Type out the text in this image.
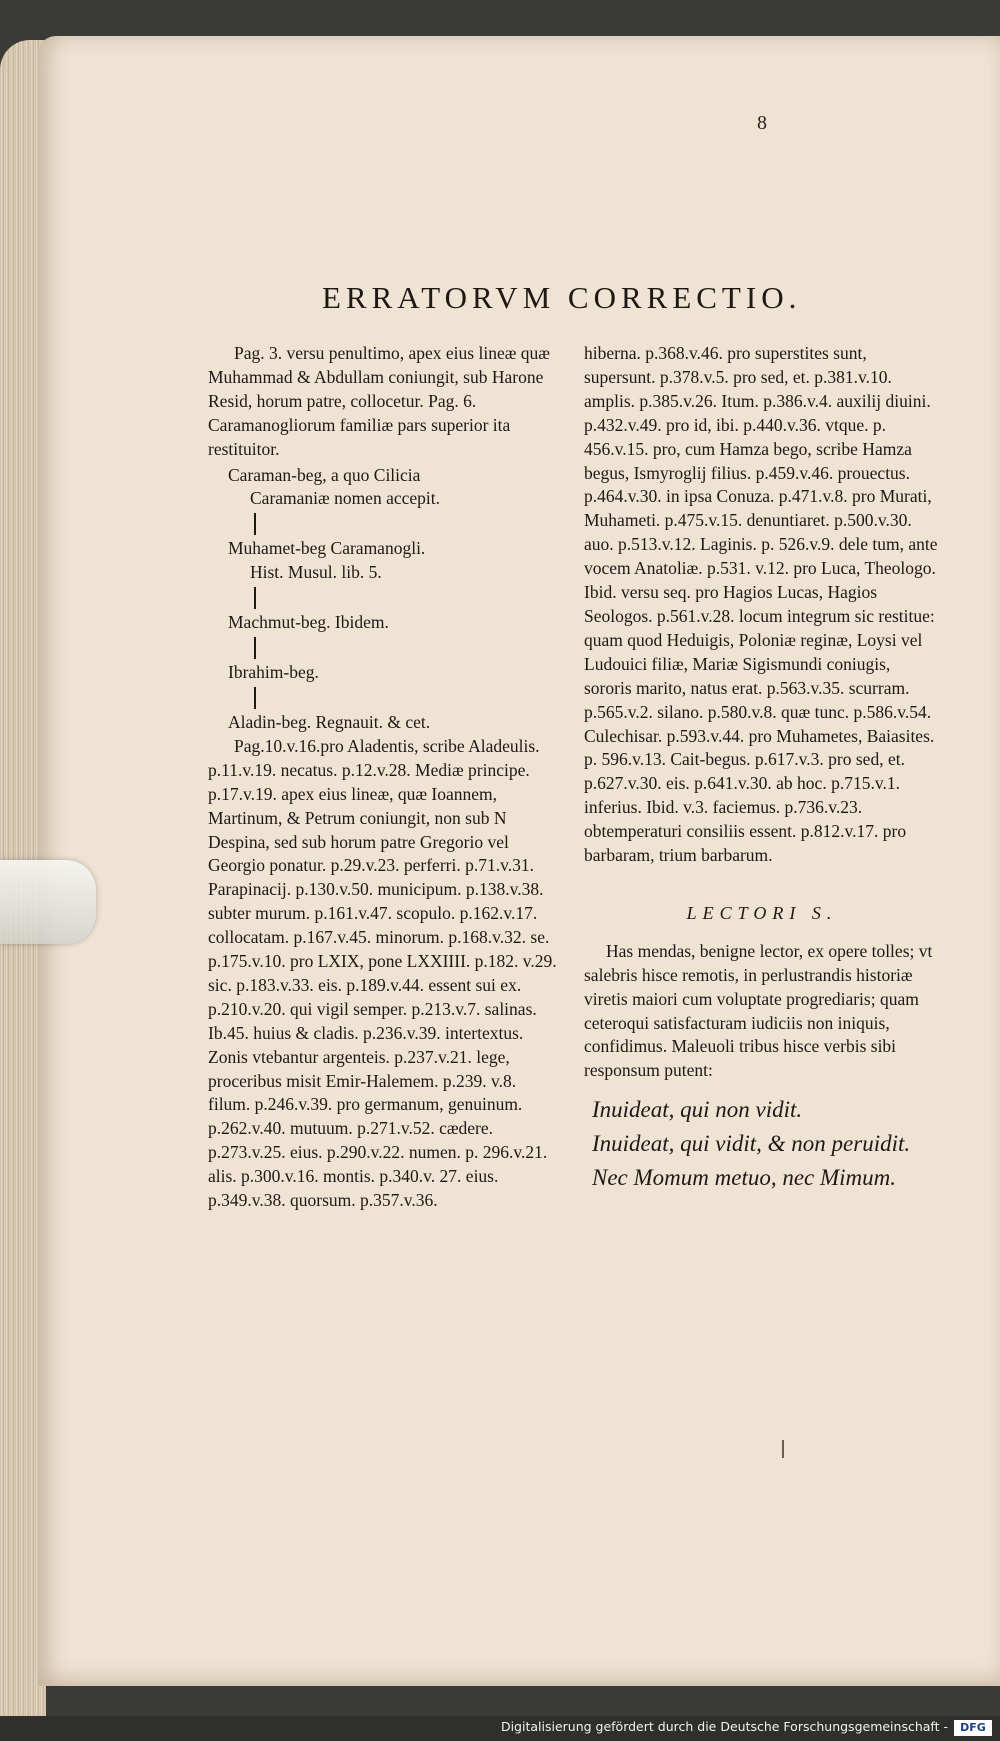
8
ERRATORVM CORRECTIO.

Pag. 3. versu penultimo, apex eius lineæ quæ Muhammad & Abdullam coniungit, sub Harone Resid, horum patre, collocetur. Pag. 6. Caramanogliorum familiæ pars superior ita restituitor.

Caraman-beg, a quo Cilicia
Caramaniæ nomen accepit.
Muhamet-beg Caramanogli.
Hist. Musul. lib. 5.
Machmut-beg. Ibidem.
Ibrahim-beg.
Aladin-beg. Regnauit. & cet.

Pag.10.v.16.pro Aladentis, scribe Aladeulis. p.11.v.19. necatus. p.12.v.28. Mediæ principe. p.17.v.19. apex eius lineæ, quæ Ioannem, Martinum, & Petrum coniungit, non sub N Despina, sed sub horum patre Gregorio vel Georgio ponatur. p.29.v.23. perferri. p.71.v.31. Parapinacij. p.130.v.50. municipum. p.138.v.38. subter murum. p.161.v.47. scopulo. p.162.v.17. collocatam. p.167.v.45. minorum. p.168.v.32. se. p.175.v.10. pro LXIX, pone LXXIIII. p.182. v.29. sic. p.183.v.33. eis. p.189.v.44. essent sui ex. p.210.v.20. qui vigil semper. p.213.v.7. salinas. Ib.45. huius & cladis. p.236.v.39. intertextus. Zonis vtebantur argenteis. p.237.v.21. lege, proceribus misit Emir-Halemem. p.239. v.8. filum. p.246.v.39. pro germanum, genuinum. p.262.v.40. mutuum. p.271.v.52. cædere. p.273.v.25. eius. p.290.v.22. numen. p. 296.v.21. alis. p.300.v.16. montis. p.340.v. 27. eius. p.349.v.38. quorsum. p.357.v.36.

hiberna. p.368.v.46. pro superstites sunt, supersunt. p.378.v.5. pro sed, et. p.381.v.10. amplis. p.385.v.26. Itum. p.386.v.4. auxilij diuini. p.432.v.49. pro id, ibi. p.440.v.36. vtque. p. 456.v.15. pro, cum Hamza bego, scribe Hamza begus, Ismyroglij filius. p.459.v.46. prouectus. p.464.v.30. in ipsa Conuza. p.471.v.8. pro Murati, Muhameti. p.475.v.15. denuntiaret. p.500.v.30. auo. p.513.v.12. Laginis. p. 526.v.9. dele tum, ante vocem Anatoliæ. p.531. v.12. pro Luca, Theologo. Ibid. versu seq. pro Hagios Lucas, Hagios Seologos. p.561.v.28. locum integrum sic restitue: quam quod Heduigis, Poloniæ reginæ, Loysi vel Ludouici filiæ, Mariæ Sigismundi coniugis, sororis marito, natus erat. p.563.v.35. scurram. p.565.v.2. silano. p.580.v.8. quæ tunc. p.586.v.54. Culechisar. p.593.v.44. pro Muhametes, Baiasites. p. 596.v.13. Cait-begus. p.617.v.3. pro sed, et. p.627.v.30. eis. p.641.v.30. ab hoc. p.715.v.1. inferius. Ibid. v.3. faciemus. p.736.v.23. obtemperaturi consiliis essent. p.812.v.17. pro barbaram, trium barbarum.

LECTORI S.

Has mendas, benigne lector, ex opere tolles; vt salebris hisce remotis, in perlustrandis historiæ viretis maiori cum voluptate progrediaris; quam ceteroqui satisfacturam iudiciis non iniquis, confidimus. Maleuoli tribus hisce verbis sibi responsum putent:

Inuideat, qui non vidit.
Inuideat, qui vidit, & non peruidit.
Nec Momum metuo, nec Mimum.
Digitalisierung gefördert durch die Deutsche Forschungsgemeinschaft -	DFG
